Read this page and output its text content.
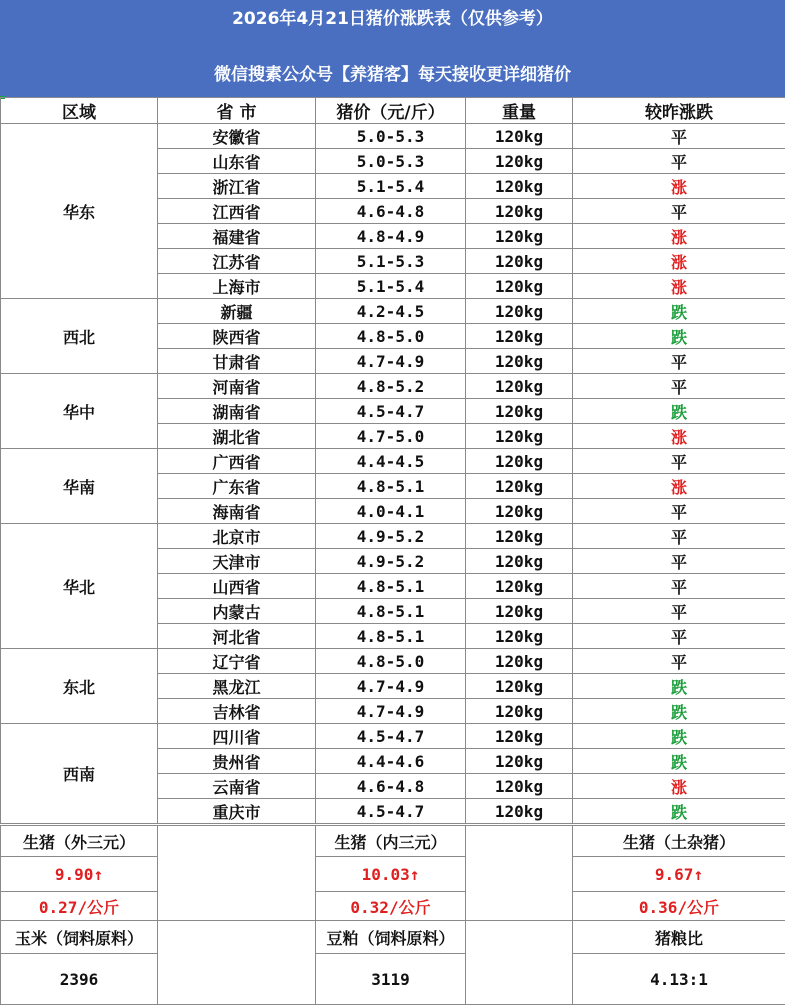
2026年4月21日猪价涨跌表（仅供参考）
微信搜素公众号【养猪客】每天接收更详细猪价
区域	省 市	猪价（元/斤）	重量	较昨涨跌
华东	安徽省	5.0-5.3	120kg	平
	山东省	5.0-5.3	120kg	平
	浙江省	5.1-5.4	120kg	涨
	江西省	4.6-4.8	120kg	平
	福建省	4.8-4.9	120kg	涨
	江苏省	5.1-5.3	120kg	涨
	上海市	5.1-5.4	120kg	涨
西北	新疆	4.2-4.5	120kg	跌
	陕西省	4.8-5.0	120kg	跌
	甘肃省	4.7-4.9	120kg	平
华中	河南省	4.8-5.2	120kg	平
	湖南省	4.5-4.7	120kg	跌
	湖北省	4.7-5.0	120kg	涨
华南	广西省	4.4-4.5	120kg	平
	广东省	4.8-5.1	120kg	涨
	海南省	4.0-4.1	120kg	平
华北	北京市	4.9-5.2	120kg	平
	天津市	4.9-5.2	120kg	平
	山西省	4.8-5.1	120kg	平
	内蒙古	4.8-5.1	120kg	平
	河北省	4.8-5.1	120kg	平
东北	辽宁省	4.8-5.0	120kg	平
	黑龙江	4.7-4.9	120kg	跌
	吉林省	4.7-4.9	120kg	跌
西南	四川省	4.5-4.7	120kg	跌
	贵州省	4.4-4.6	120kg	跌
	云南省	4.6-4.8	120kg	涨
	重庆市	4.5-4.7	120kg	跌
生猪（外三元）		生猪（内三元）		生猪（土杂猪）
9.90↑		10.03↑		9.67↑
0.27/公斤		0.32/公斤		0.36/公斤
玉米（饲料原料）		豆粕（饲料原料）		猪粮比
2396		3119		4.13:1
